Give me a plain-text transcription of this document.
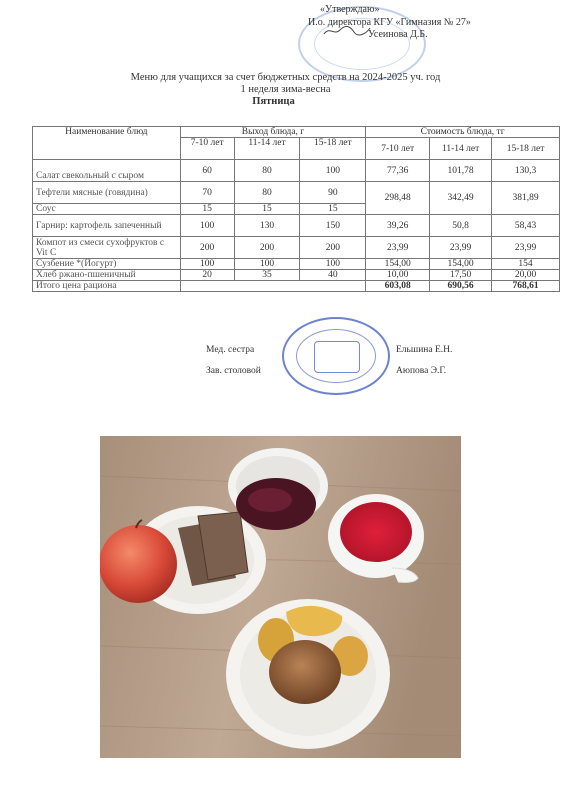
«Утверждаю»
И.о. директора КГУ «Гимназия № 27»
Усеинова Д.Б.
Меню для учащихся за счет бюджетных средств на 2024-2025 уч. год
1 неделя зима-весна
Пятница
Наименование блюд	Выход блюда, г			Стоимость блюда, тг		
	7-10 лет	11-14 лет	15-18 лет	7-10 лет	11-14 лет	15-18 лет
Салат свекольный с сыром	60	80	100	77,36	101,78	130,3
Тефтели мясные (говядина)	70	80	90	298,48	342,49	381,89
Соус	15	15	15			
Гарнир: картофель запеченный	100	130	150	39,26	50,8	58,43
Компот из смеси сухофруктов с Vit C	200	200	200	23,99	23,99	23,99
Сузбение *(Йогурт)	100	100	100	154,00	154,00	154
Хлеб ржано-пшеничный	20	35	40	10,00	17,50	20,00
Итого цена рациона				603,08	690,56	768,61
Мед. сестра	Ельшина Е.Н.
Зав. столовой	Аюпова Э.Г.
